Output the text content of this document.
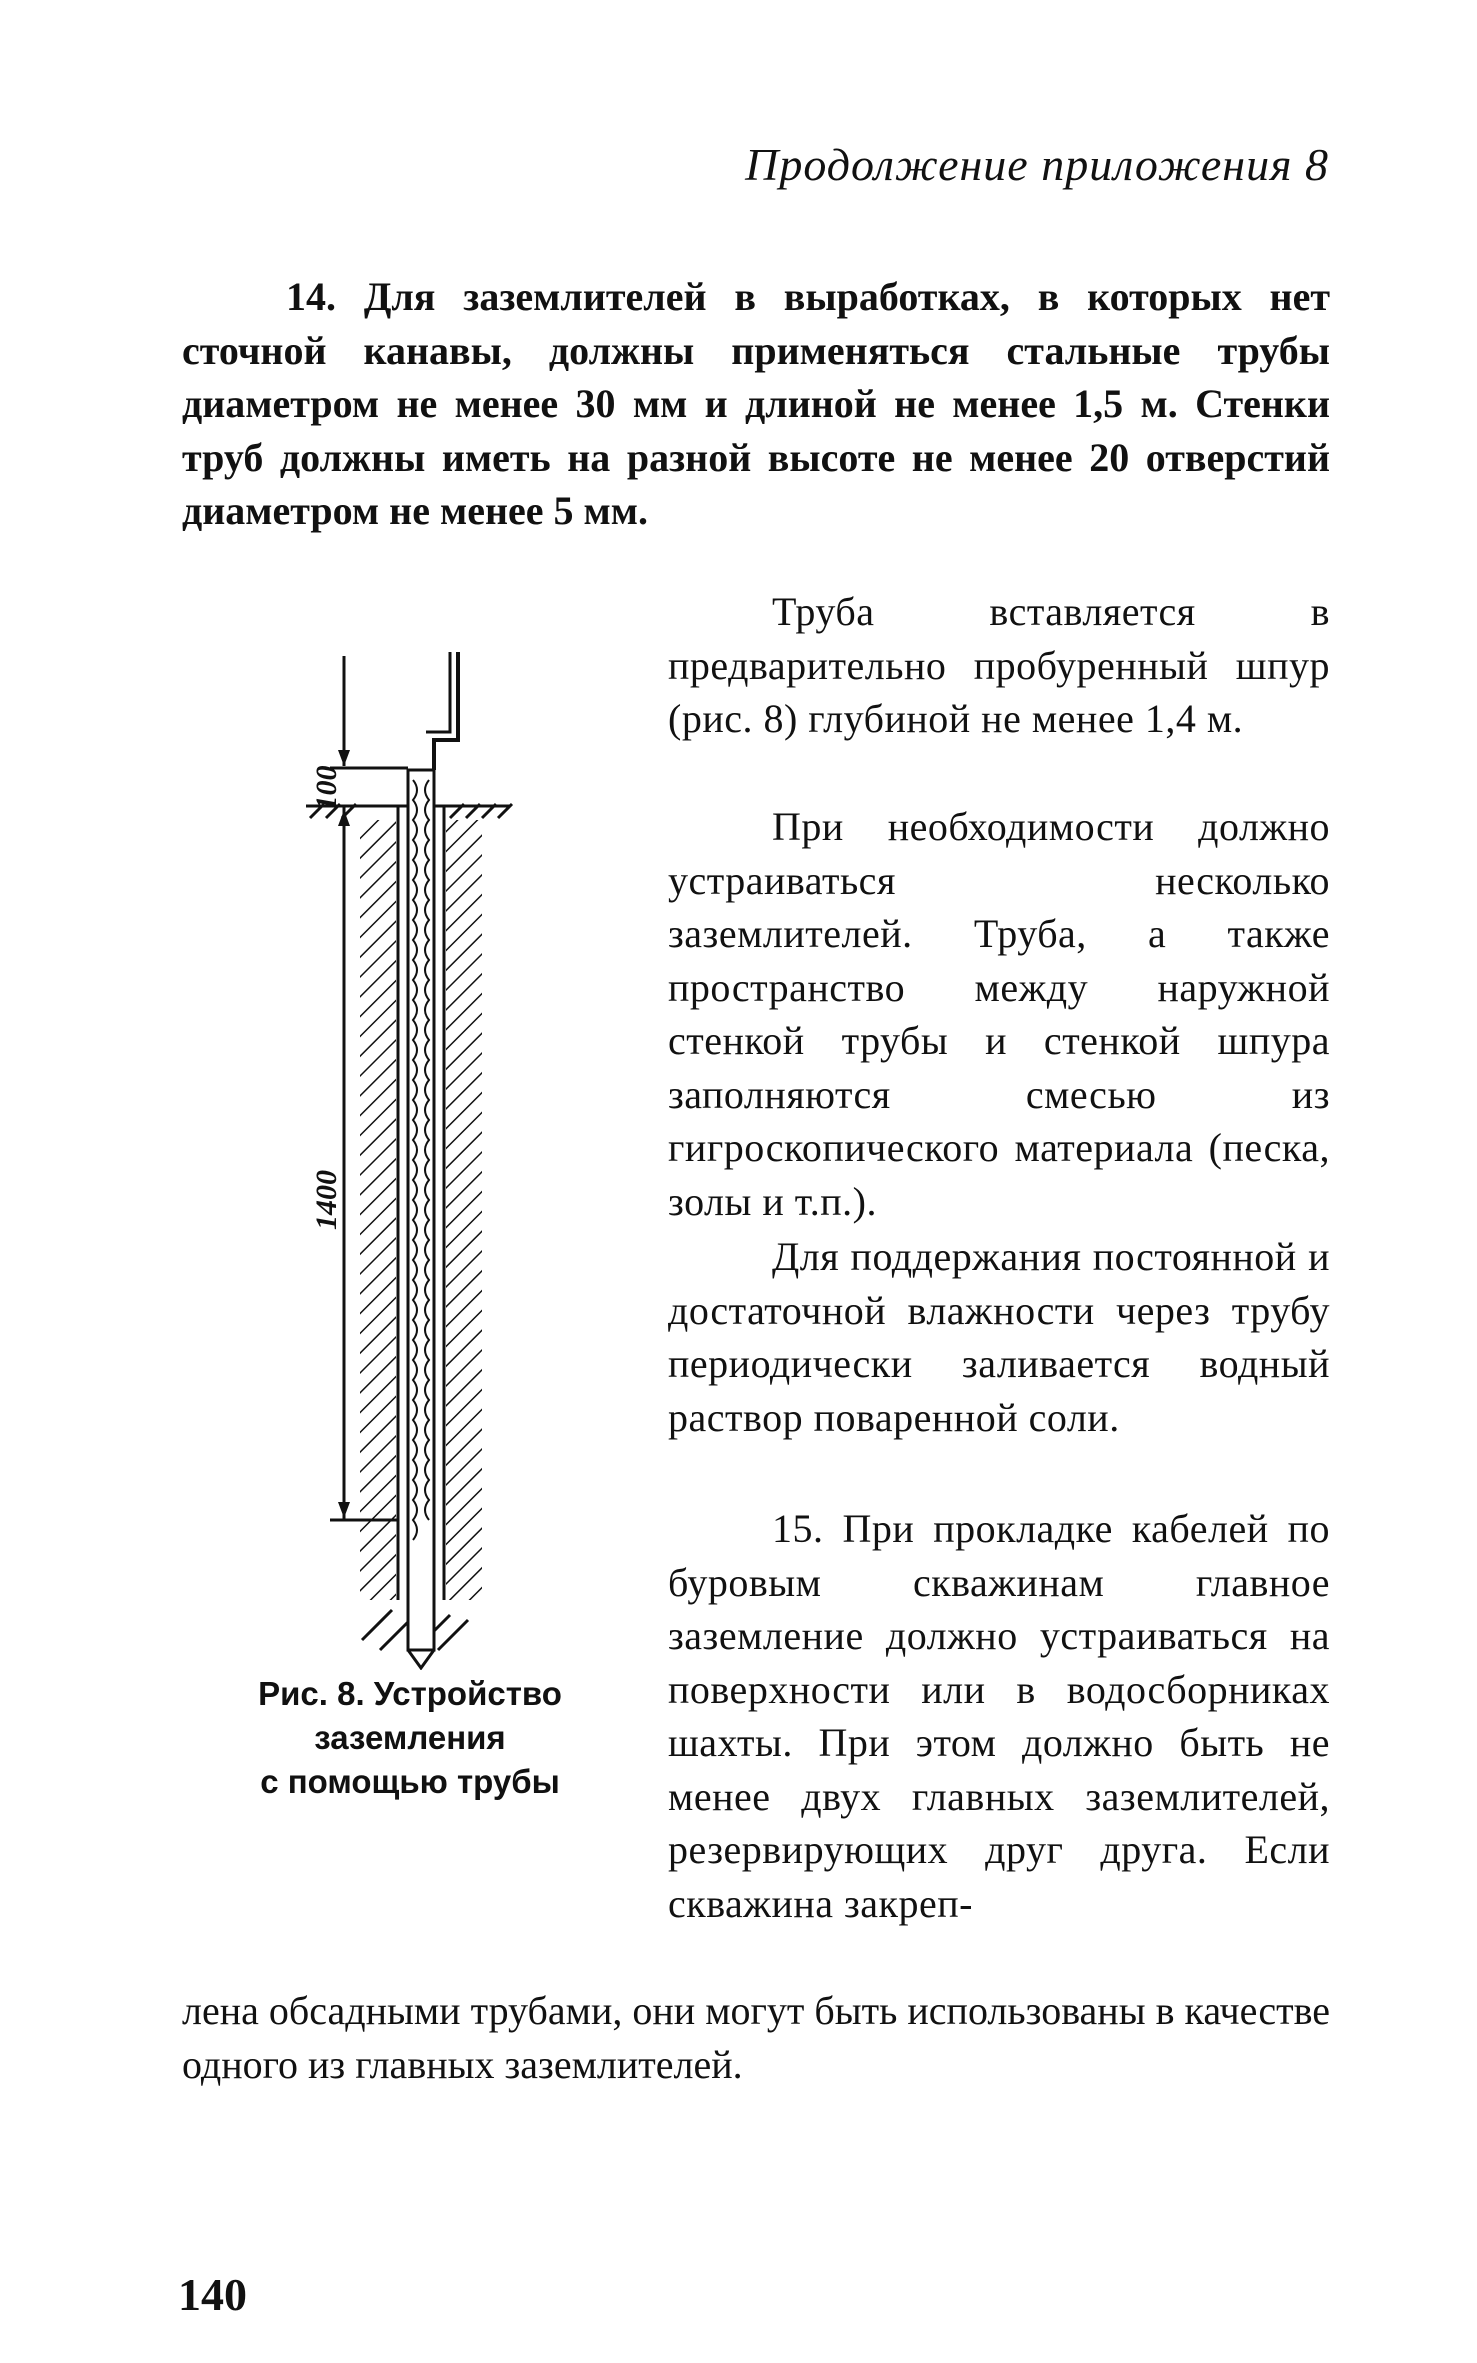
Продолжение приложения 8

14. Для заземлителей в выработках, в которых нет сточной канавы, должны применяться стальные трубы диаметром не менее 30 мм и длиной не менее 1,5 м. Стенки труб должны иметь на разной высоте не менее 20 отверстий диаметром не менее 5 мм.

Труба вставляется в предварительно пробуренный шпур (рис. 8) глубиной не менее 1,4 м.

При необходимости должно устраиваться несколько заземлителей. Труба, а также пространство между наружной стенкой трубы и стенкой шпура заполняются смесью из гигроскопического материала (песка, золы и т.п.).

Для поддержания постоянной и достаточной влажности через трубу периодически заливается водный раствор поваренной соли.

15. При прокладке кабелей по буровым скважинам главное заземление должно устраиваться на поверхности или в водосборниках шахты. При этом должно быть не менее двух главных заземлителей, резервирующих друг друга. Если скважина закреп-

лена обсадными трубами, они могут быть использованы в качестве одного из главных заземлителей.

100
1400
Рис. 8. Устройство
заземления
с помощью трубы
140
